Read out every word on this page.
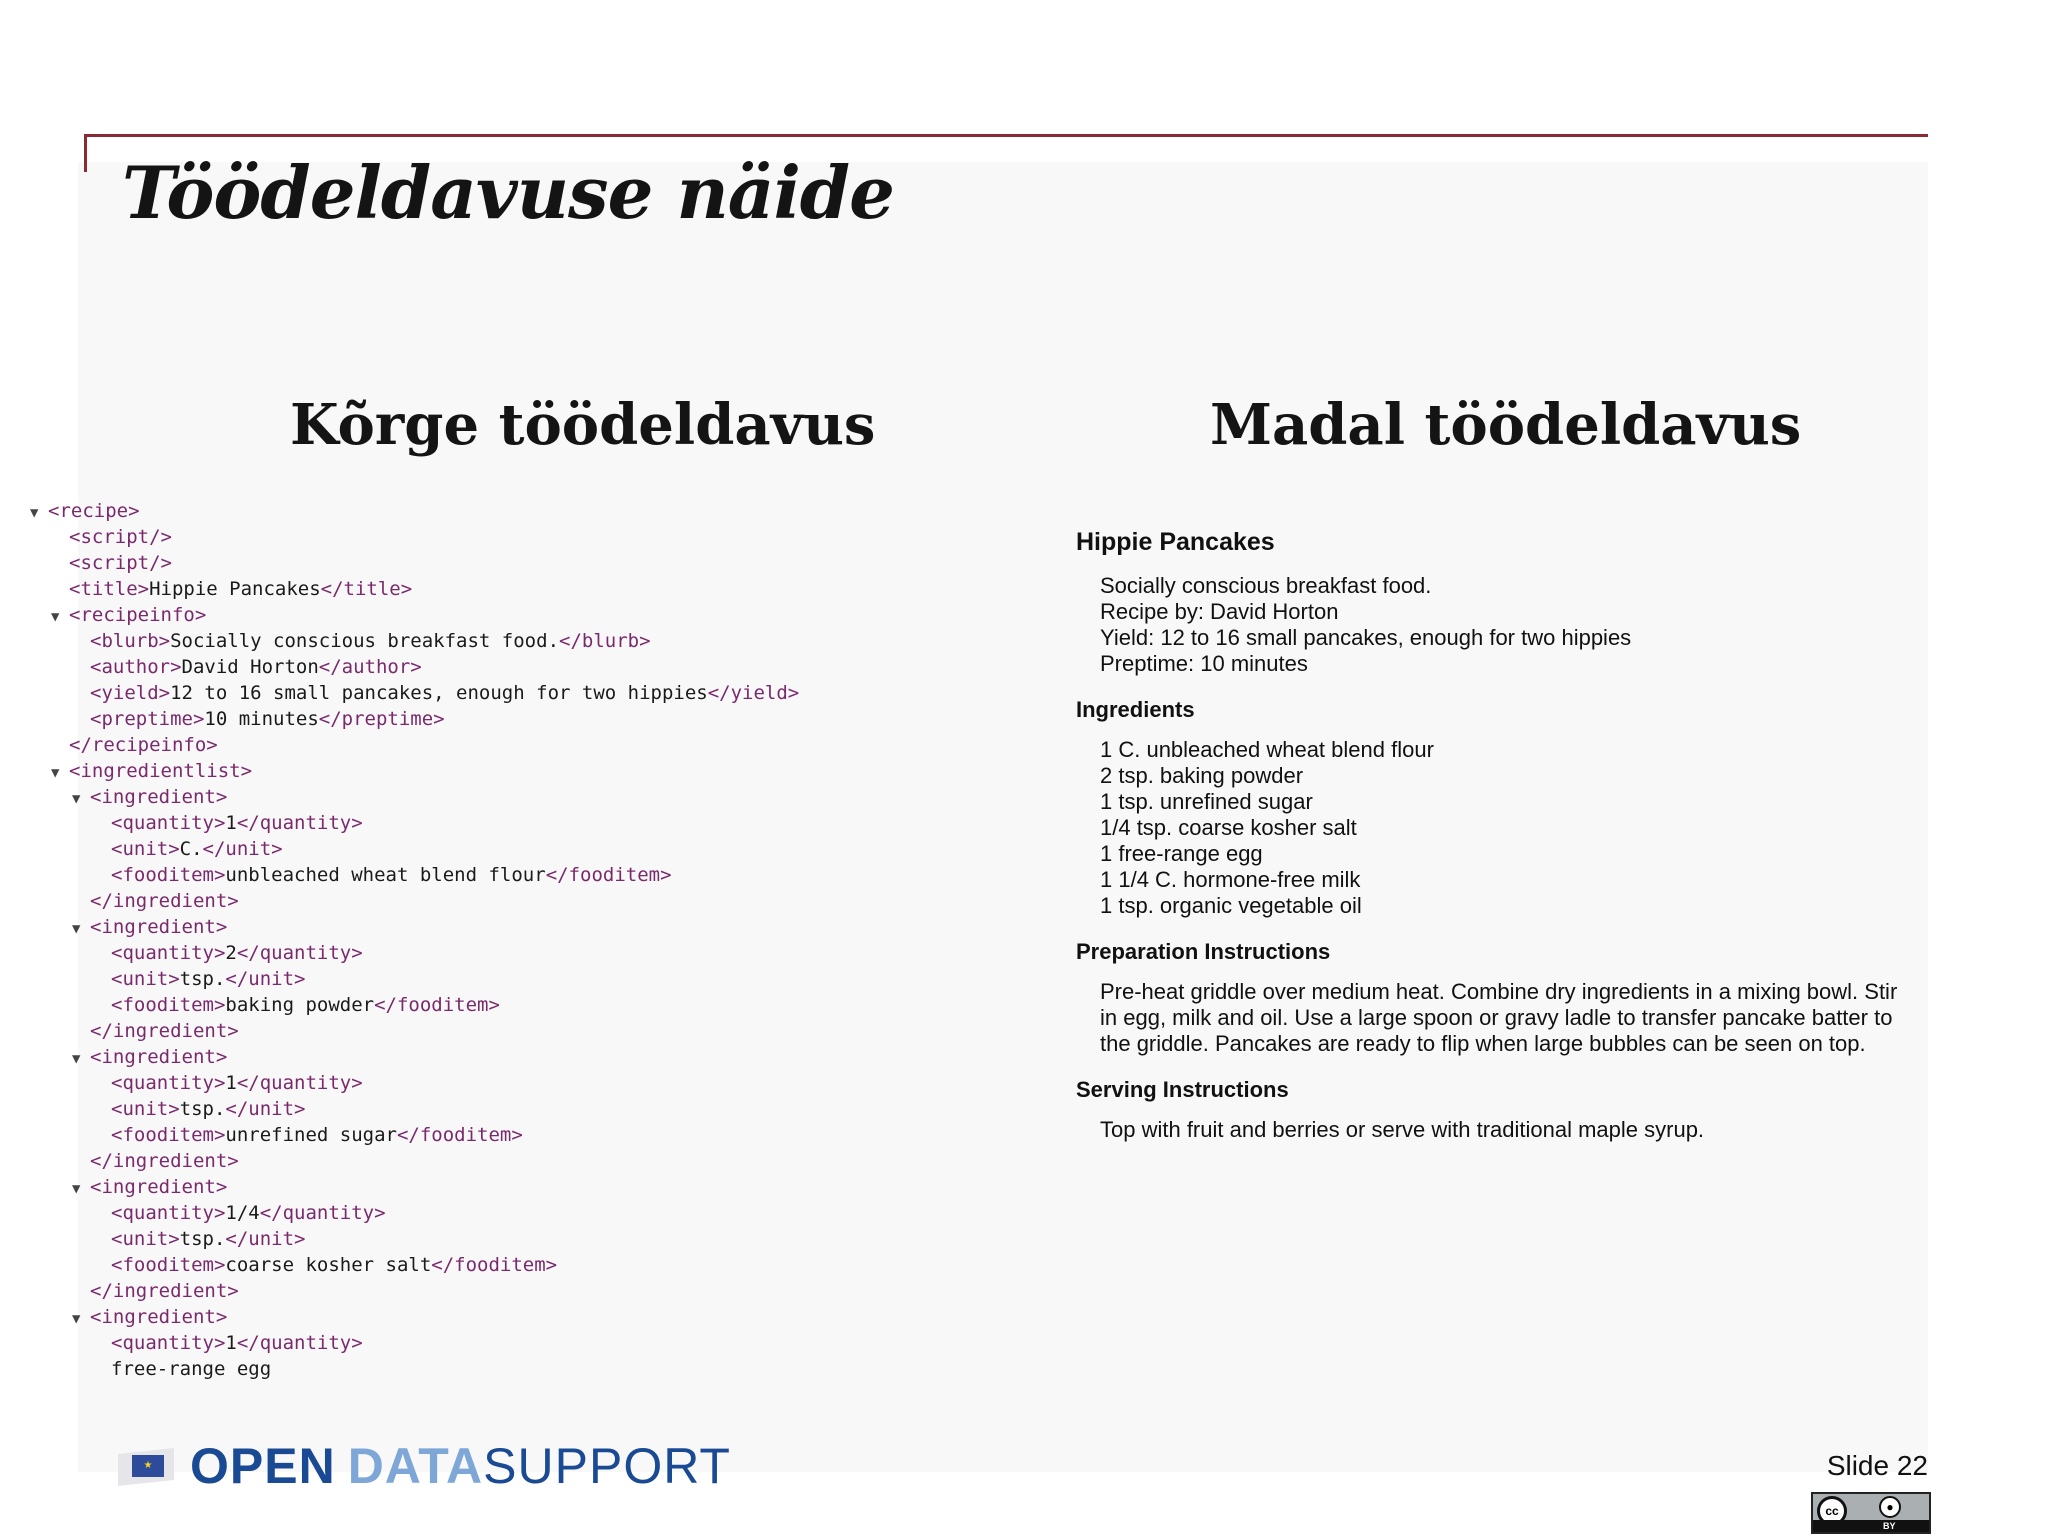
Töödeldavuse näide
Kõrge töödeldavus	Madal töödeldavus
▼ <recipe>
<script/>
<script/>
<title>Hippie Pancakes</title>
▼ <recipeinfo>
<blurb>Socially conscious breakfast food.</blurb>
<author>David Horton</author>
<yield>12 to 16 small pancakes, enough for two hippies</yield>
<preptime>10 minutes</preptime>
</recipeinfo>
▼ <ingredientlist>
▼ <ingredient>
<quantity>1</quantity>
<unit>C.</unit>
<fooditem>unbleached wheat blend flour</fooditem>
</ingredient>
▼ <ingredient>
<quantity>2</quantity>
<unit>tsp.</unit>
<fooditem>baking powder</fooditem>
</ingredient>
▼ <ingredient>
<quantity>1</quantity>
<unit>tsp.</unit>
<fooditem>unrefined sugar</fooditem>
</ingredient>
▼ <ingredient>
<quantity>1/4</quantity>
<unit>tsp.</unit>
<fooditem>coarse kosher salt</fooditem>
</ingredient>
▼ <ingredient>
<quantity>1</quantity>
free-range egg
Hippie Pancakes
Socially conscious breakfast food.
Recipe by: David Horton
Yield: 12 to 16 small pancakes, enough for two hippies
Preptime: 10 minutes
Ingredients
1 C. unbleached wheat blend flour
2 tsp. baking powder
1 tsp. unrefined sugar
1/4 tsp. coarse kosher salt
1 free-range egg
1 1/4 C. hormone-free milk
1 tsp. organic vegetable oil
Preparation Instructions
Pre-heat griddle over medium heat. Combine dry ingredients in a mixing bowl. Stir in egg, milk and oil. Use a large spoon or gravy ladle to transfer pancake batter to the griddle. Pancakes are ready to flip when large bubbles can be seen on top.
Serving Instructions
Top with fruit and berries or serve with traditional maple syrup.
★ OPEN DATASUPPORT	Slide 22
cc	●
BY
